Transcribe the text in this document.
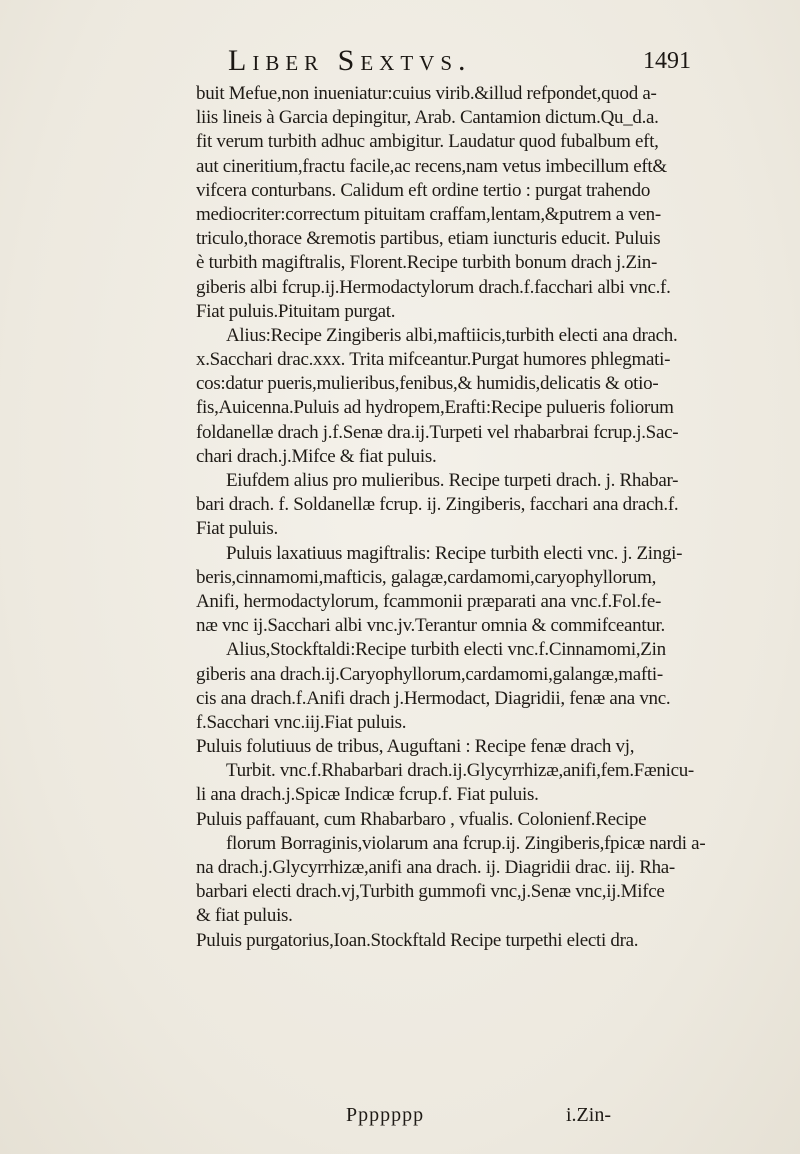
Liber Sextvs.	1491
buit Mefue,non inueniatur:cuius virib.&illud refpondet,quod a-
liis lineis à Garcia depingitur, Arab. Cantamion dictum.Qu_d.a.
fit verum turbith adhuc ambigitur. Laudatur quod fubalbum eft,
aut cineritium,fractu facile,ac recens,nam vetus imbecillum eft&
vifcera conturbans. Calidum eft ordine tertio : purgat trahendo
mediocriter:correctum pituitam craffam,lentam,&putrem a ven-
triculo,thorace &remotis partibus, etiam iuncturis educit. Puluis
è turbith magiftralis, Florent.Recipe turbith bonum drach j.Zin-
giberis albi fcrup.ij.Hermodactylorum drach.f.facchari albi vnc.f.
Fiat puluis.Pituitam purgat.
Alius:Recipe Zingiberis albi,maftiicis,turbith electi ana drach.
x.Sacchari drac.xxx. Trita mifceantur.Purgat humores phlegmati-
cos:datur pueris,mulieribus,fenibus,& humidis,delicatis & otio-
fis,Auicenna.Puluis ad hydropem,Erafti:Recipe pulueris foliorum
foldanellæ drach j.f.Senæ dra.ij.Turpeti vel rhabarbrai fcrup.j.Sac-
chari drach.j.Mifce & fiat puluis.
Eiufdem alius pro mulieribus. Recipe turpeti drach. j. Rhabar-
bari drach. f. Soldanellæ fcrup. ij. Zingiberis, facchari ana drach.f.
Fiat puluis.
Puluis laxatiuus magiftralis: Recipe turbith electi vnc. j. Zingi-
beris,cinnamomi,mafticis, galagæ,cardamomi,caryophyllorum,
Anifi, hermodactylorum, fcammonii præparati ana vnc.f.Fol.fe-
næ vnc ij.Sacchari albi vnc.jv.Terantur omnia & commifceantur.
Alius,Stockftaldi:Recipe turbith electi vnc.f.Cinnamomi,Zin
giberis ana drach.ij.Caryophyllorum,cardamomi,galangæ,mafti-
cis ana drach.f.Anifi drach j.Hermodact, Diagridii, fenæ ana vnc.
f.Sacchari vnc.iij.Fiat puluis.
Puluis folutiuus de tribus, Auguftani : Recipe fenæ drach vj,
Turbit. vnc.f.Rhabarbari drach.ij.Glycyrrhizæ,anifi,fem.Fænicu-
li ana drach.j.Spicæ Indicæ fcrup.f. Fiat puluis.
Puluis paffauant, cum Rhabarbaro , vfualis. Colonienf.Recipe
florum Borraginis,violarum ana fcrup.ij. Zingiberis,fpicæ nardi a-
na drach.j.Glycyrrhizæ,anifi ana drach. ij. Diagridii drac. iij. Rha-
barbari electi drach.vj,Turbith gummofi vnc,j.Senæ vnc,ij.Mifce
& fiat puluis.
Puluis purgatorius,Ioan.Stockftald Recipe turpethi electi dra.
Ppppppp	i.Zin-
